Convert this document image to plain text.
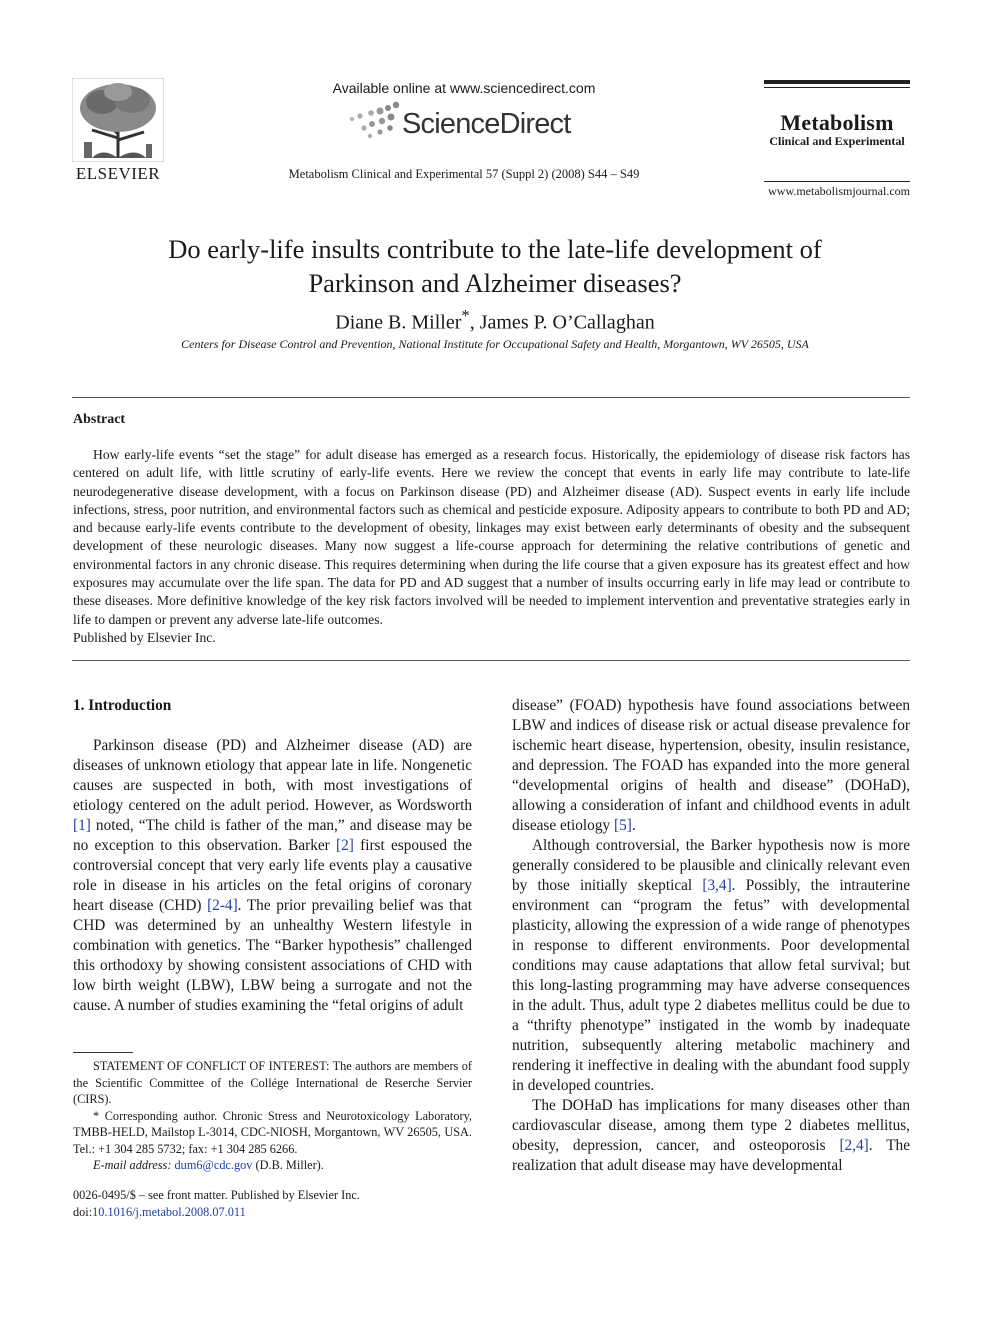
ELSEVIER
Available online at www.sciencedirect.com
ScienceDirect
Metabolism Clinical and Experimental 57 (Suppl 2) (2008) S44 – S49
Metabolism
Clinical and Experimental
www.metabolismjournal.com
Do early-life insults contribute to the late-life development of
Parkinson and Alzheimer diseases?
Diane B. Miller*, James P. O’Callaghan
Centers for Disease Control and Prevention, National Institute for Occupational Safety and Health, Morgantown, WV 26505, USA
Abstract
How early-life events “set the stage” for adult disease has emerged as a research focus. Historically, the epidemiology of disease risk factors has centered on adult life, with little scrutiny of early-life events. Here we review the concept that events in early life may contribute to late-life neurodegenerative disease development, with a focus on Parkinson disease (PD) and Alzheimer disease (AD). Suspect events in early life include infections, stress, poor nutrition, and environmental factors such as chemical and pesticide exposure. Adiposity appears to contribute to both PD and AD; and because early-life events contribute to the development of obesity, linkages may exist between early determinants of obesity and the subsequent development of these neurologic diseases. Many now suggest a life-course approach for determining the relative contributions of genetic and environmental factors in any chronic disease. This requires determining when during the life course that a given exposure has its greatest effect and how exposures may accumulate over the life span. The data for PD and AD suggest that a number of insults occurring early in life may lead or contribute to these diseases. More definitive knowledge of the key risk factors involved will be needed to implement intervention and preventative strategies early in life to dampen or prevent any adverse late-life outcomes.
Published by Elsevier Inc.
1. Introduction

Parkinson disease (PD) and Alzheimer disease (AD) are diseases of unknown etiology that appear late in life. Nongenetic causes are suspected in both, with most investigations of etiology centered on the adult period. However, as Wordsworth [1] noted, “The child is father of the man,” and disease may be no exception to this observation. Barker [2] first espoused the controversial concept that very early life events play a causative role in disease in his articles on the fetal origins of coronary heart disease (CHD) [2-4]. The prior prevailing belief was that CHD was determined by an unhealthy Western lifestyle in combination with genetics. The “Barker hypothesis” challenged this orthodoxy by showing consistent associations of CHD with low birth weight (LBW), LBW being a surrogate and not the cause. A number of studies examining the “fetal origins of adult

STATEMENT OF CONFLICT OF INTEREST: The authors are members of the Scientific Committee of the Collége International de Reserche Servier (CIRS).

* Corresponding author. Chronic Stress and Neurotoxicology Laboratory, TMBB-HELD, Mailstop L-3014, CDC-NIOSH, Morgantown, WV 26505, USA. Tel.: +1 304 285 5732; fax: +1 304 285 6266.

E-mail address: dum6@cdc.gov (D.B. Miller).

0026-0495/$ – see front matter. Published by Elsevier Inc.
doi:10.1016/j.metabol.2008.07.011

disease” (FOAD) hypothesis have found associations between LBW and indices of disease risk or actual disease prevalence for ischemic heart disease, hypertension, obesity, insulin resistance, and depression. The FOAD has expanded into the more general “developmental origins of health and disease” (DOHaD), allowing a consideration of infant and childhood events in adult disease etiology [5].

Although controversial, the Barker hypothesis now is more generally considered to be plausible and clinically relevant even by those initially skeptical [3,4]. Possibly, the intrauterine environment can “program the fetus” with developmental plasticity, allowing the expression of a wide range of phenotypes in response to different environments. Poor developmental conditions may cause adaptations that allow fetal survival; but this long-lasting programming may have adverse consequences in the adult. Thus, adult type 2 diabetes mellitus could be due to a “thrifty phenotype” instigated in the womb by inadequate nutrition, subsequently altering metabolic machinery and rendering it ineffective in dealing with the abundant food supply in developed countries.

The DOHaD has implications for many diseases other than cardiovascular disease, among them type 2 diabetes mellitus, obesity, depression, cancer, and osteoporosis [2,4]. The realization that adult disease may have developmental
